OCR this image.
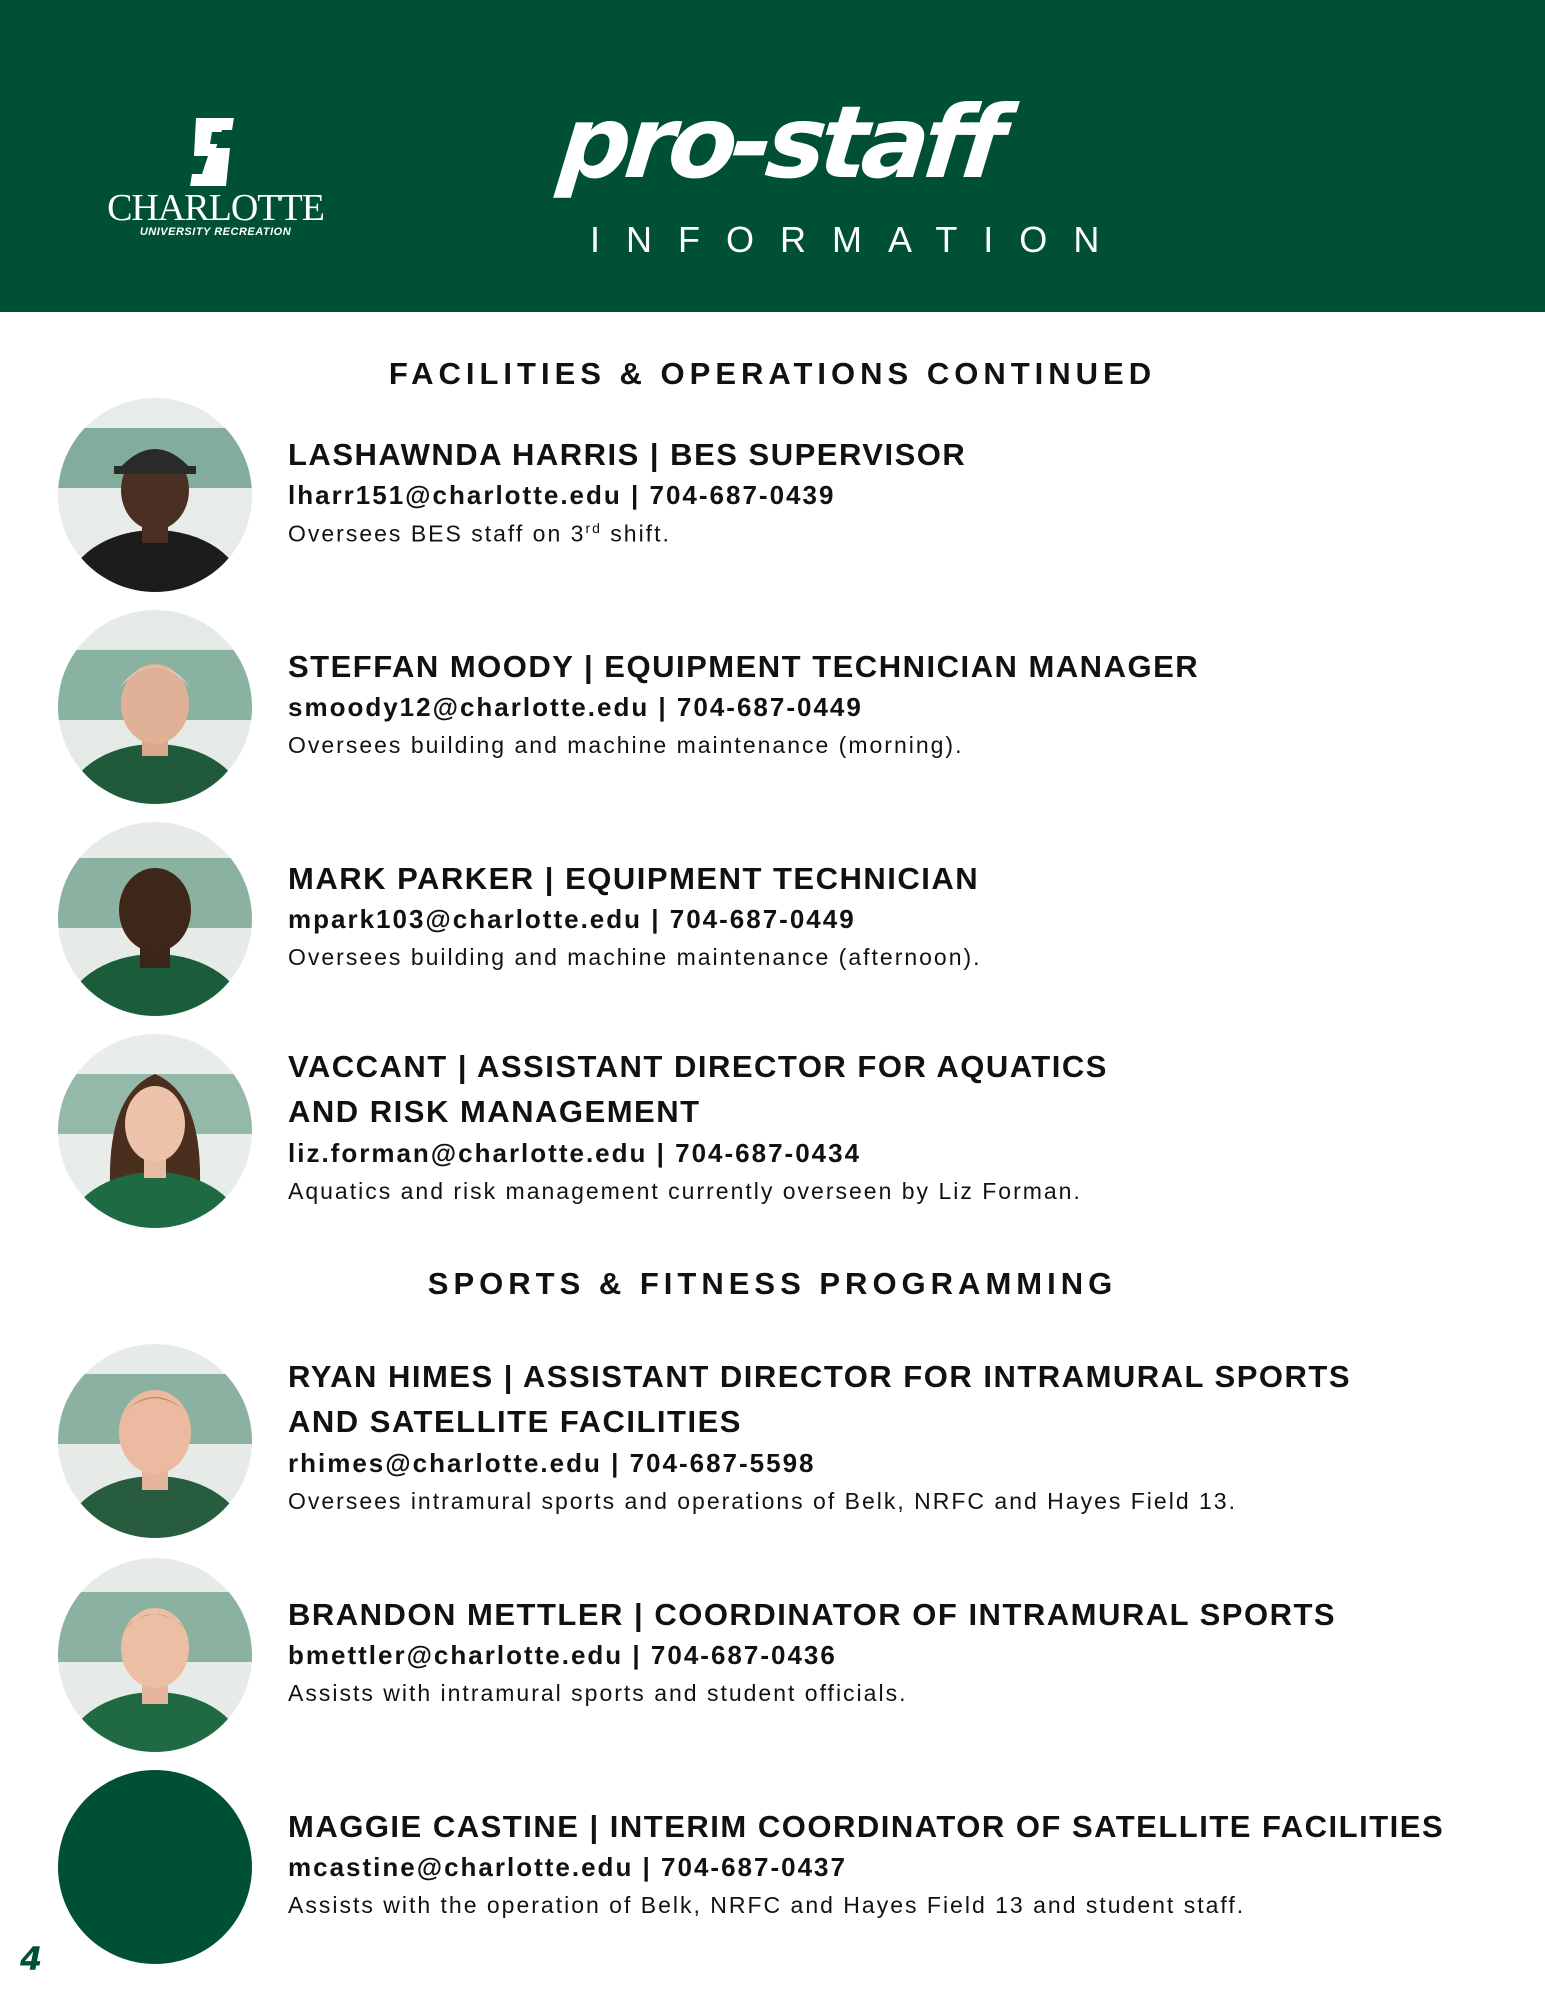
CHARLOTTE
UNIVERSITY RECREATION
pro-staff
INFORMATION
FACILITIES & OPERATIONS CONTINUED
LASHAWNDA HARRIS | BES SUPERVISOR
lharr151@charlotte.edu | 704-687-0439
Oversees BES staff on 3rd shift.
STEFFAN MOODY | EQUIPMENT TECHNICIAN MANAGER
smoody12@charlotte.edu | 704-687-0449
Oversees building and machine maintenance (morning).
MARK PARKER | EQUIPMENT TECHNICIAN
mpark103@charlotte.edu | 704-687-0449
Oversees building and machine maintenance (afternoon).
VACCANT | ASSISTANT DIRECTOR FOR AQUATICS
AND RISK MANAGEMENT
liz.forman@charlotte.edu | 704-687-0434
Aquatics and risk management currently overseen by Liz Forman.
SPORTS & FITNESS PROGRAMMING
RYAN HIMES | ASSISTANT DIRECTOR FOR INTRAMURAL SPORTS
AND SATELLITE FACILITIES
rhimes@charlotte.edu | 704-687-5598
Oversees intramural sports and operations of Belk, NRFC and Hayes Field 13.
BRANDON METTLER | COORDINATOR OF INTRAMURAL SPORTS
bmettler@charlotte.edu | 704-687-0436
Assists with intramural sports and student officials.
MAGGIE CASTINE | INTERIM COORDINATOR OF SATELLITE FACILITIES
mcastine@charlotte.edu | 704-687-0437
Assists with the operation of Belk, NRFC and Hayes Field 13 and student staff.
4
